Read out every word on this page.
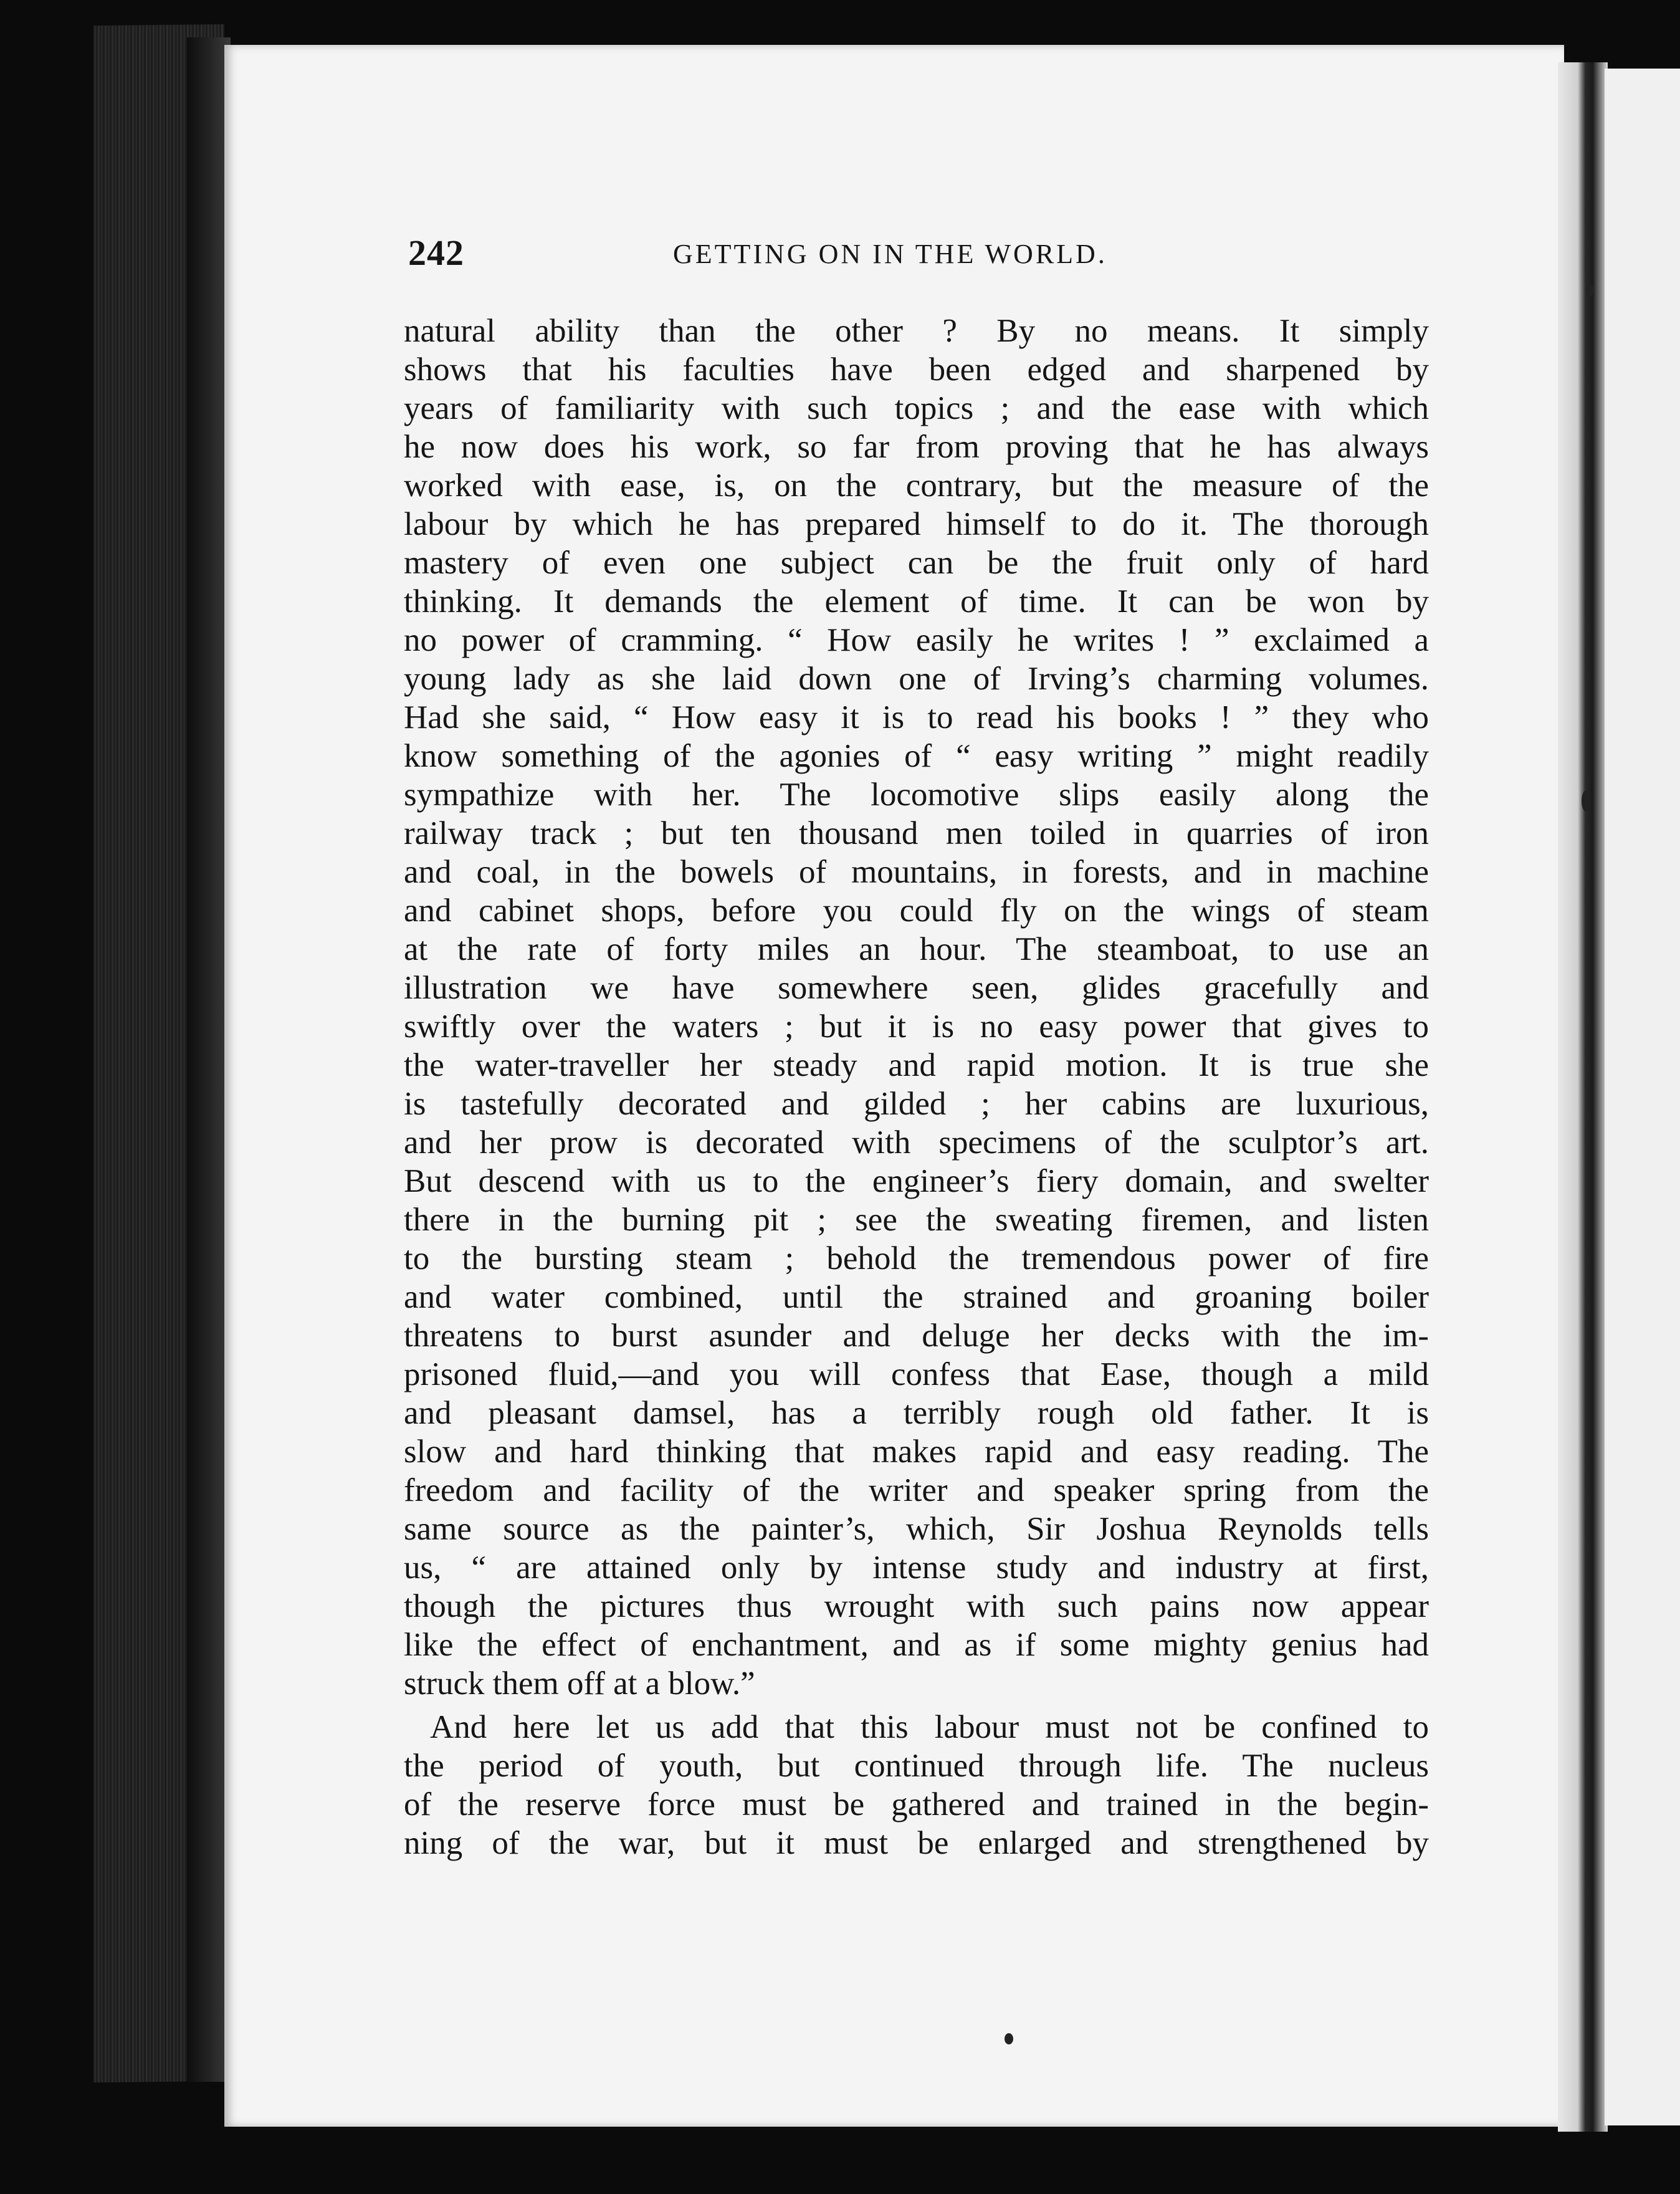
242	GETTING ON IN THE WORLD.
natural ability than the other ? By no means. It simply
shows that his faculties have been edged and sharpened by
years of familiarity with such topics ; and the ease with which
he now does his work, so far from proving that he has always
worked with ease, is, on the contrary, but the measure of the
labour by which he has prepared himself to do it. The thorough
mastery of even one subject can be the fruit only of hard
thinking. It demands the element of time. It can be won by
no power of cramming. “ How easily he writes ! ” exclaimed a
young lady as she laid down one of Irving’s charming volumes.
Had she said, “ How easy it is to read his books ! ” they who
know something of the agonies of “ easy writing ” might readily
sympathize with her. The locomotive slips easily along the
railway track ; but ten thousand men toiled in quarries of iron
and coal, in the bowels of mountains, in forests, and in machine
and cabinet shops, before you could fly on the wings of steam
at the rate of forty miles an hour. The steamboat, to use an
illustration we have somewhere seen, glides gracefully and
swiftly over the waters ; but it is no easy power that gives to
the water-traveller her steady and rapid motion. It is true she
is tastefully decorated and gilded ; her cabins are luxurious,
and her prow is decorated with specimens of the sculptor’s art.
But descend with us to the engineer’s fiery domain, and swelter
there in the burning pit ; see the sweating firemen, and listen
to the bursting steam ; behold the tremendous power of fire
and water combined, until the strained and groaning boiler
threatens to burst asunder and deluge her decks with the im-
prisoned fluid,—and you will confess that Ease, though a mild
and pleasant damsel, has a terribly rough old father. It is
slow and hard thinking that makes rapid and easy reading. The
freedom and facility of the writer and speaker spring from the
same source as the painter’s, which, Sir Joshua Reynolds tells
us, “ are attained only by intense study and industry at first,
though the pictures thus wrought with such pains now appear
like the effect of enchantment, and as if some mighty genius had
struck them off at a blow.”
And here let us add that this labour must not be confined to
the period of youth, but continued through life. The nucleus
of the reserve force must be gathered and trained in the begin-
ning of the war, but it must be enlarged and strengthened by
